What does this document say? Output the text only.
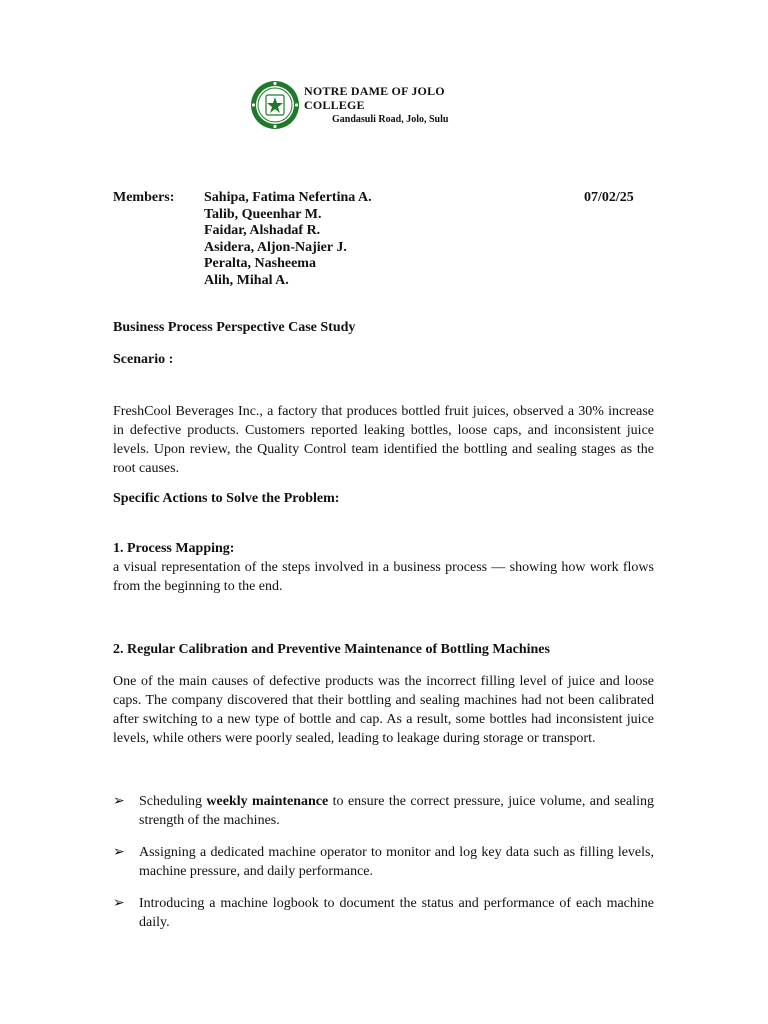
NOTRE DAME OF JOLO COLLEGE
Gandasuli Road, Jolo, Sulu
Members: Sahipa, Fatima Nefertina A.
Talib, Queenhar M.
Faidar, Alshadaf R.
Asidera, Aljon-Najier J.
Peralta, Nasheema
Alih, Mihal A.
07/02/25
Business Process Perspective Case Study
Scenario :

FreshCool Beverages Inc., a factory that produces bottled fruit juices, observed a 30% increase in defective products. Customers reported leaking bottles, loose caps, and inconsistent juice levels. Upon review, the Quality Control team identified the bottling and sealing stages as the root causes.

Specific Actions to Solve the Problem:
1. Process Mapping:

a visual representation of the steps involved in a business process — showing how work flows from the beginning to the end.

2. Regular Calibration and Preventive Maintenance of Bottling Machines

One of the main causes of defective products was the incorrect filling level of juice and loose caps. The company discovered that their bottling and sealing machines had not been calibrated after switching to a new type of bottle and cap. As a result, some bottles had inconsistent juice levels, while others were poorly sealed, leading to leakage during storage or transport.

➢	Scheduling weekly maintenance to ensure the correct pressure, juice volume, and sealing strength of the machines.
➢	Assigning a dedicated machine operator to monitor and log key data such as filling levels, machine pressure, and daily performance.
➢	Introducing a machine logbook to document the status and performance of each machine daily.
